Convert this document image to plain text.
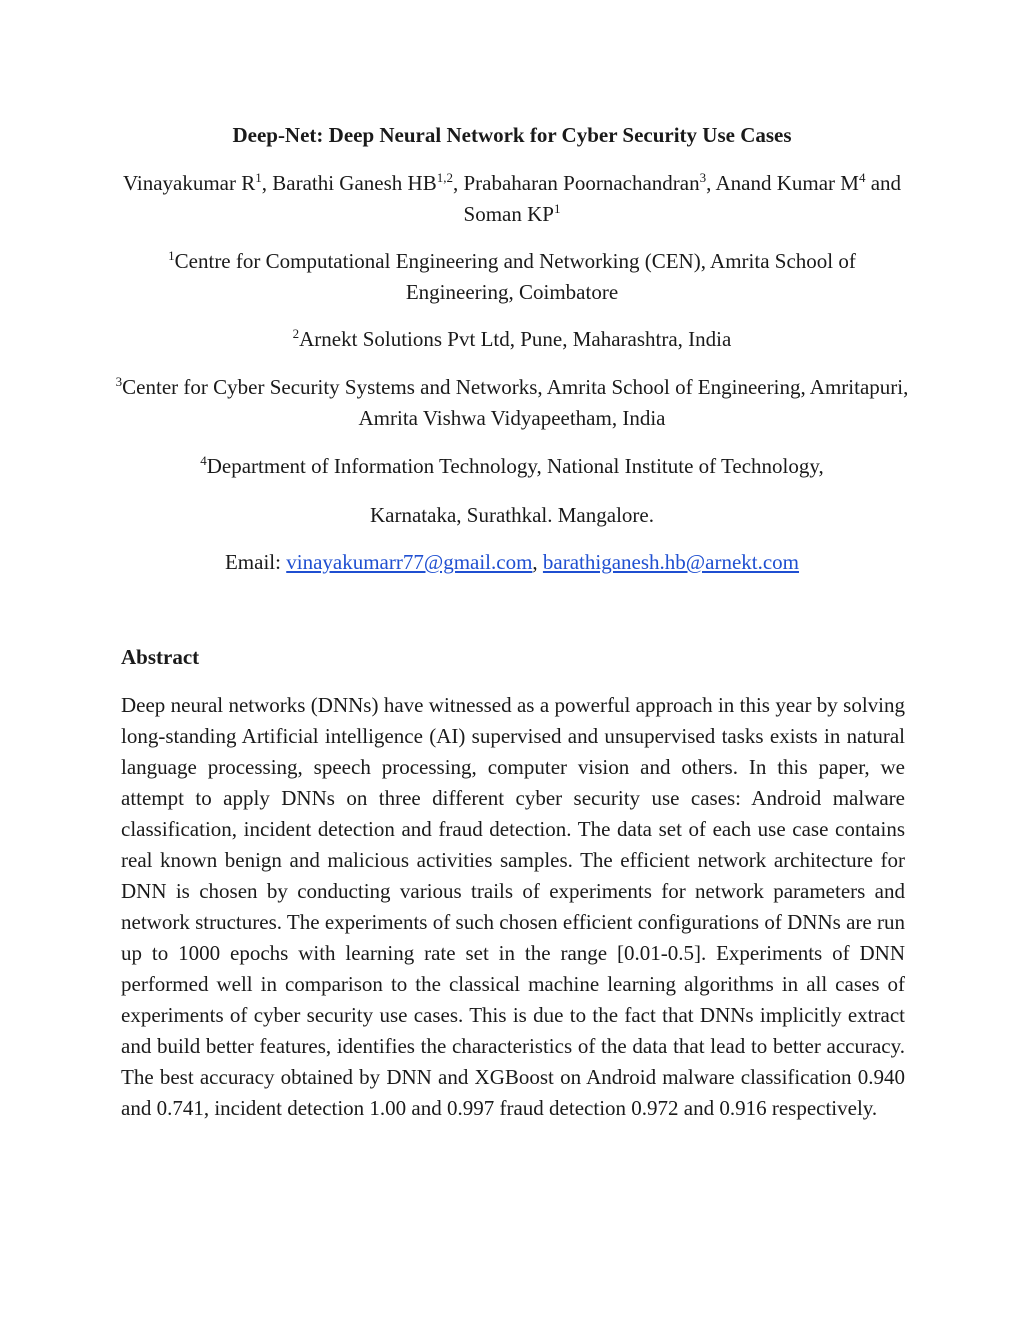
Deep-Net: Deep Neural Network for Cyber Security Use Cases
Vinayakumar $R^1$, Barathi Ganesh HB$^{1,2}$, Prabaharan Poornachandran$^3$, Anand Kumar $M^4$ and Soman $KP^1$
$^1$Centre for Computational Engineering and Networking (CEN), Amrita School of Engineering, Coimbatore
$^2$Arnekt Solutions Pvt Ltd, Pune, Maharashtra, India
$^3$Center for Cyber Security Systems and Networks, Amrita School of Engineering, Amritapuri, Amrita Vishwa Vidyapeetham, India
$^4$Department of Information Technology, National Institute of Technology,
Karnataka, Surathkal. Mangalore.
Email: vinayakumarr77@gmail.com, barathiganesh.hb@arnekt.com
Abstract
Deep neural networks (DNNs) have witnessed as a powerful approach in this year by solving long-standing Artificial intelligence (AI) supervised and unsupervised tasks exists in natural language processing, speech processing, computer vision and others. In this paper, we attempt to apply DNNs on three different cyber security use cases: Android malware classification, incident detection and fraud detection. The data set of each use case contains real known benign and malicious activities samples. The efficient network architecture for DNN is chosen by conducting various trails of experiments for network parameters and network structures. The experiments of such chosen efficient configurations of DNNs are run up to 1000 epochs with learning rate set in the range [0.01-0.5]. Experiments of DNN performed well in comparison to the classical machine learning algorithms in all cases of experiments of cyber security use cases. This is due to the fact that DNNs implicitly extract and build better features, identifies the characteristics of the data that lead to better accuracy. The best accuracy obtained by DNN and XGBoost on Android malware classification 0.940 and 0.741, incident detection 1.00 and 0.997 fraud detection 0.972 and 0.916 respectively.
